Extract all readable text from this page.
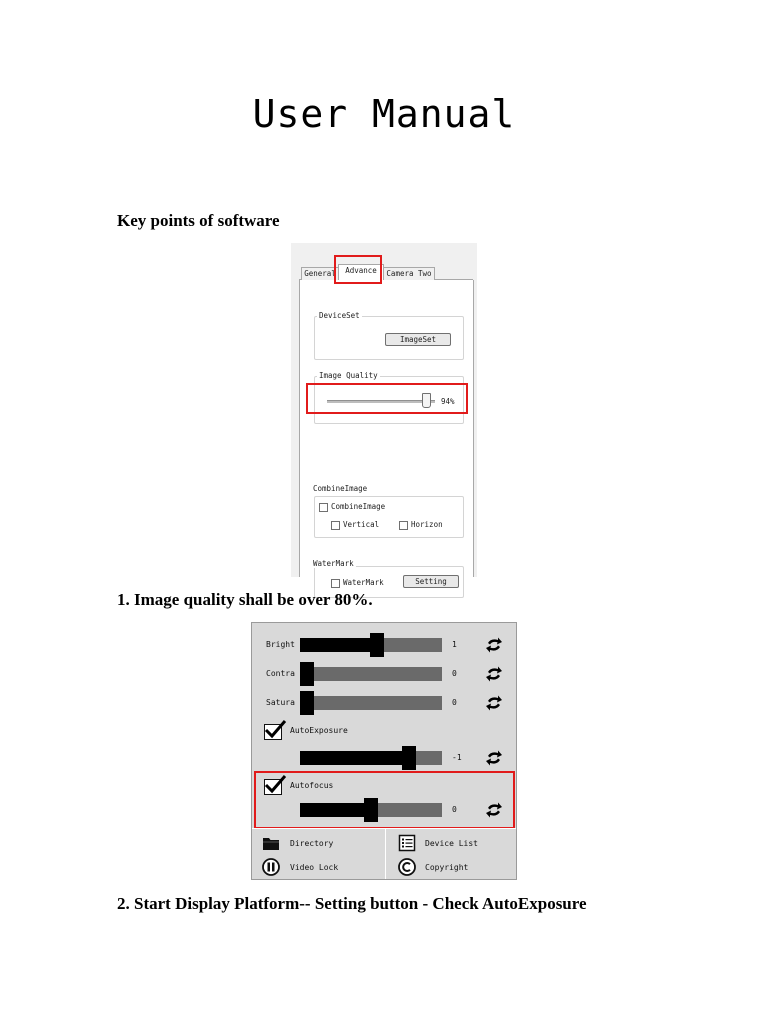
User Manual
Key points of software
General	Advance	Camera Two
DeviceSet
ImageSet
Image Quality
94%
CombineImage
CombineImage
Vertical	Horizon
WaterMark
WaterMark	Setting
1. Image quality shall be over 80%.
Bright	1
Contra	0
Satura	0
AutoExposure
-1
Autofocus
0
Directory	Device List
Video Lock	Copyright
2. Start Display Platform-- Setting button - Check AutoExposure
